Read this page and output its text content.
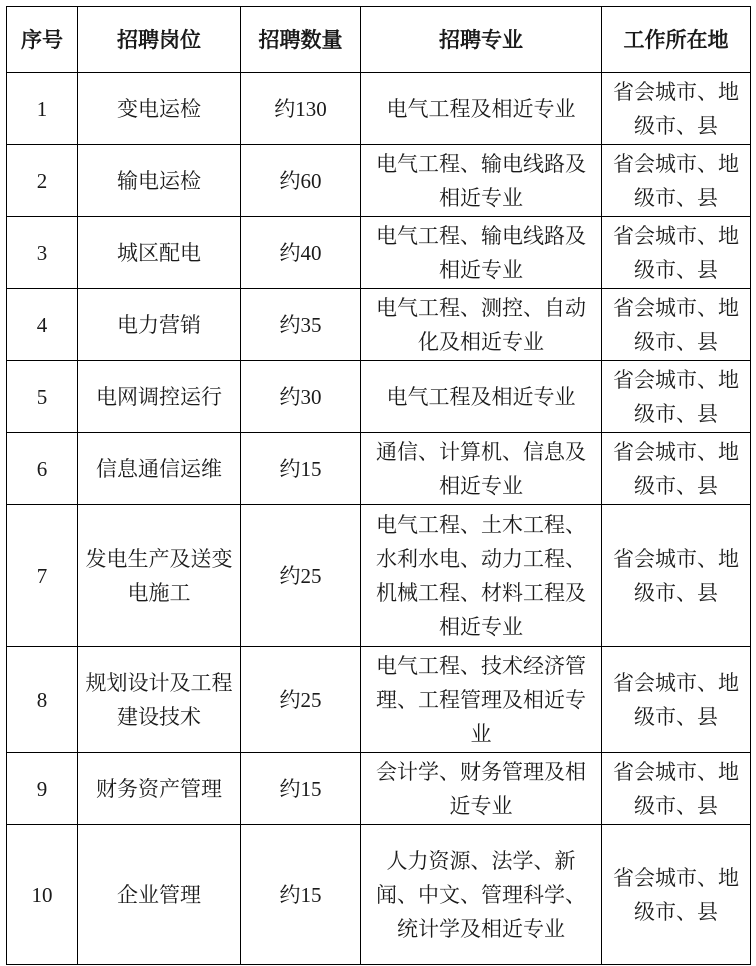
序号	招聘岗位	招聘数量	招聘专业	工作所在地
1	变电运检	约130	电气工程及相近专业	省会城市、地级市、县
2	输电运检	约60	电气工程、输电线路及相近专业	省会城市、地级市、县
3	城区配电	约40	电气工程、输电线路及相近专业	省会城市、地级市、县
4	电力营销	约35	电气工程、测控、自动化及相近专业	省会城市、地级市、县
5	电网调控运行	约30	电气工程及相近专业	省会城市、地级市、县
6	信息通信运维	约15	通信、计算机、信息及相近专业	省会城市、地级市、县
7	发电生产及送变电施工	约25	电气工程、土木工程、水利水电、动力工程、机械工程、材料工程及相近专业	省会城市、地级市、县
8	规划设计及工程建设技术	约25	电气工程、技术经济管理、工程管理及相近专业	省会城市、地级市、县
9	财务资产管理	约15	会计学、财务管理及相近专业	省会城市、地级市、县
10	企业管理	约15	人力资源、法学、新闻、中文、管理科学、统计学及相近专业	省会城市、地级市、县
